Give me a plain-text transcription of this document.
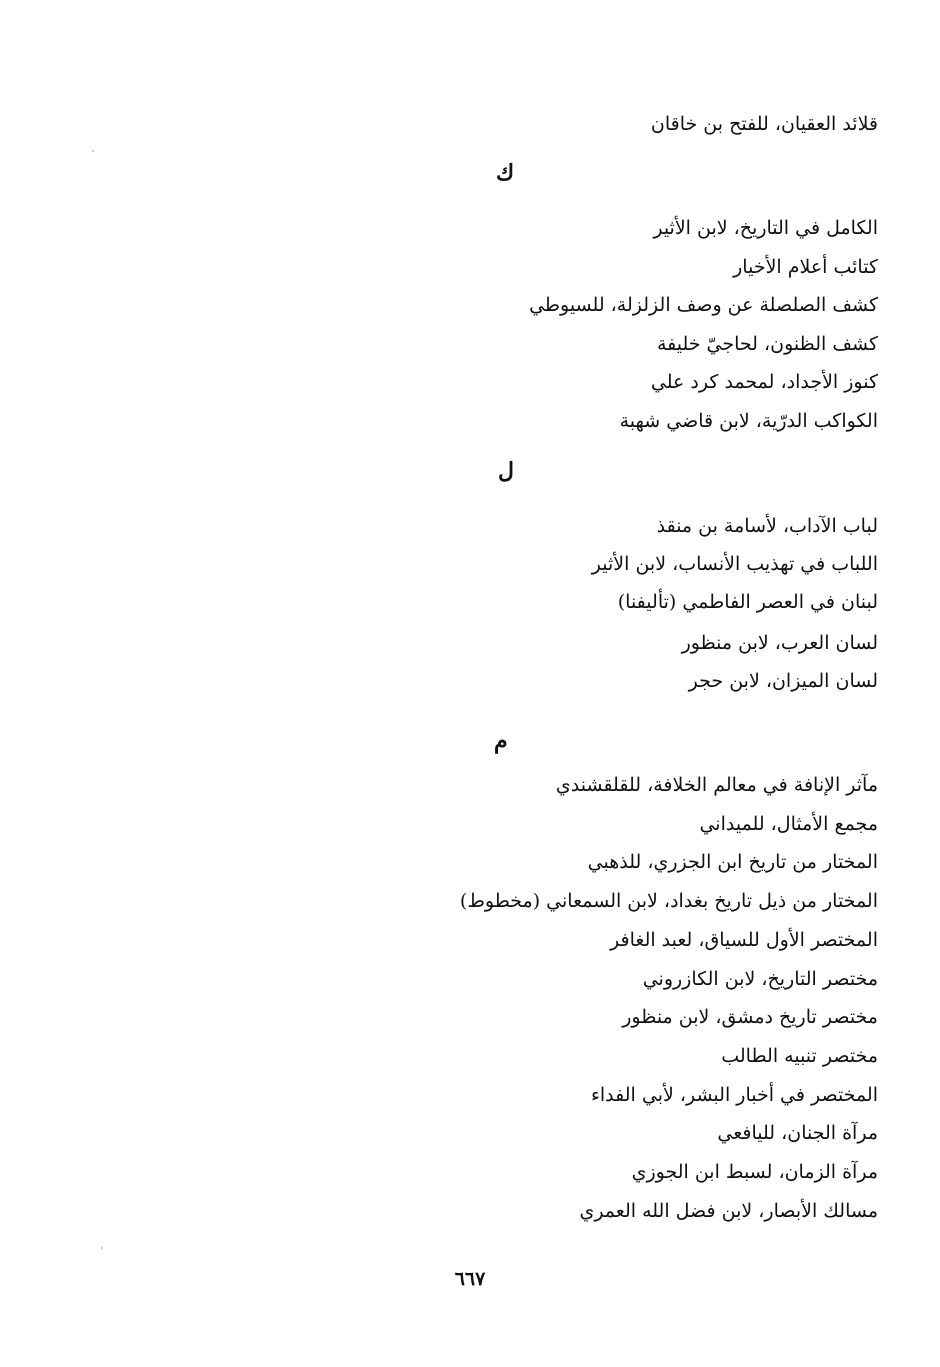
قلائد العقيان، للفتح بن خاقان
ك
الكامل في التاريخ، لابن الأثير
كتائب أعلام الأخيار
كشف الصلصلة عن وصف الزلزلة، للسيوطي
كشف الظنون، لحاجيّ خليفة
كنوز الأجداد، لمحمد كرد علي
الكواكب الدرّية، لابن قاضي شهبة
ل
لباب الآداب، لأسامة بن منقذ
اللباب في تهذيب الأنساب، لابن الأثير
لبنان في العصر الفاطمي (تأليفنا)
لسان العرب، لابن منظور
لسان الميزان، لابن حجر
م
مآثر الإنافة في معالم الخلافة، للقلقشندي
مجمع الأمثال، للميداني
المختار من تاريخ ابن الجزري، للذهبي
المختار من ذيل تاريخ بغداد، لابن السمعاني (مخطوط)
المختصر الأول للسياق، لعبد الغافر
مختصر التاريخ، لابن الكازروني
مختصر تاريخ دمشق، لابن منظور
مختصر تنبيه الطالب
المختصر في أخبار البشر، لأبي الفداء
مرآة الجنان، لليافعي
مرآة الزمان، لسبط ابن الجوزي
مسالك الأبصار، لابن فضل الله العمري
٦٦٧
